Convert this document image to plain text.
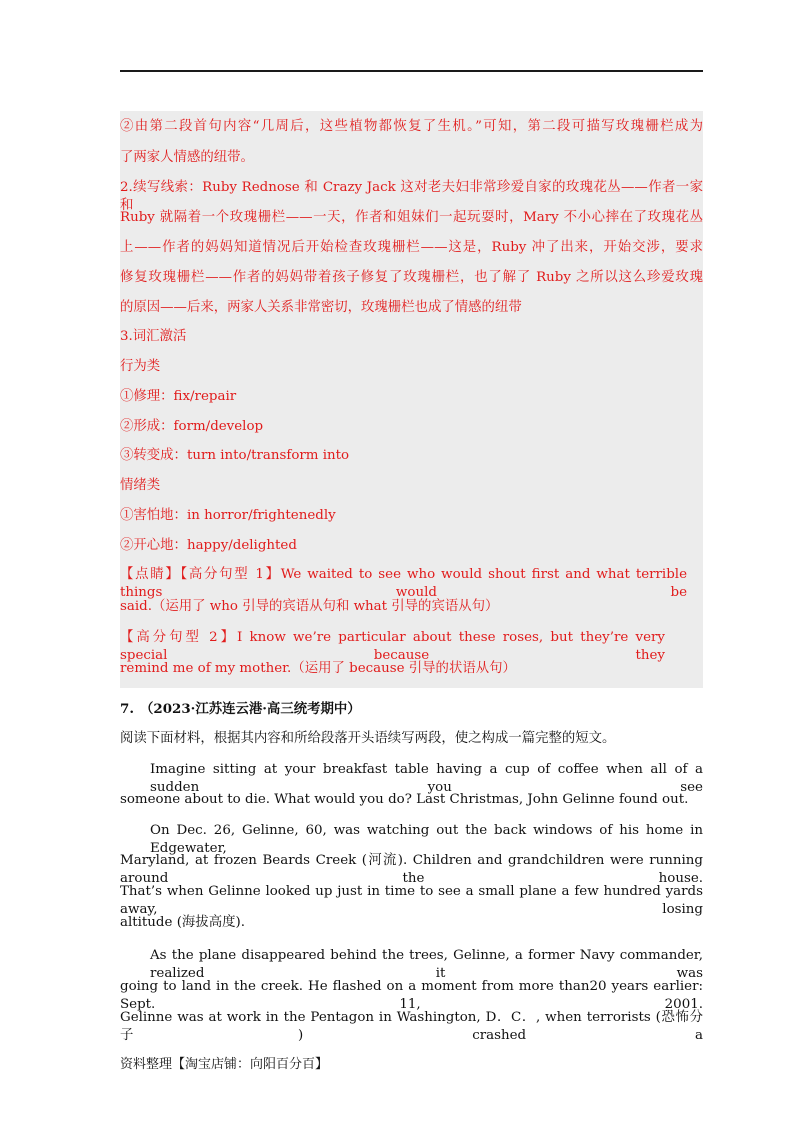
②由第二段首句内容“几周后，这些植物都恢复了生机。”可知，第二段可描写玫瑰栅栏成为
了两家人情感的纽带。
2.续写线索：Ruby Rednose 和 Crazy Jack 这对老夫妇非常珍爱自家的玫瑰花丛——作者一家和
Ruby 就隔着一个玫瑰栅栏——一天，作者和姐妹们一起玩耍时，Mary 不小心摔在了玫瑰花丛
上——作者的妈妈知道情况后开始检查玫瑰栅栏——这是，Ruby 冲了出来，开始交涉，要求
修复玫瑰栅栏——作者的妈妈带着孩子修复了玫瑰栅栏，也了解了 Ruby 之所以这么珍爱玫瑰
的原因——后来，两家人关系非常密切，玫瑰栅栏也成了情感的纽带
3.词汇激活
行为类
①修理：fix/repair
②形成：form/develop
③转变成：turn into/transform into
情绪类
①害怕地：in horror/frightenedly
②开心地：happy/delighted
【点睛】【高分句型 1】We waited to see who would shout first and what terrible things would be
said.（运用了 who 引导的宾语从句和 what 引导的宾语从句）
【高分句型 2】I know we’re particular about these roses, but they’re very special because they
remind me of my mother.（运用了 because 引导的状语从句）
7. （2023·江苏连云港·高三统考期中）
阅读下面材料，根据其内容和所给段落开头语续写两段，使之构成一篇完整的短文。
Imagine sitting at your breakfast table having a cup of coffee when all of a sudden you see
someone about to die. What would you do? Last Christmas, John Gelinne found out.
On Dec. 26, Gelinne, 60, was watching out the back windows of his home in Edgewater,
Maryland, at frozen Beards Creek (河流). Children and grandchildren were running around the house.
That’s when Gelinne looked up just in time to see a small plane a few hundred yards away, losing
altitude (海拔高度).
As the plane disappeared behind the trees, Gelinne, a former Navy commander, realized it was
going to land in the creek. He flashed on a moment from more than20 years earlier: Sept. 11, 2001.
Gelinne was at work in the Pentagon in Washington, D．C．, when terrorists (恐怖分子) crashed a
资料整理【淘宝店铺：向阳百分百】
